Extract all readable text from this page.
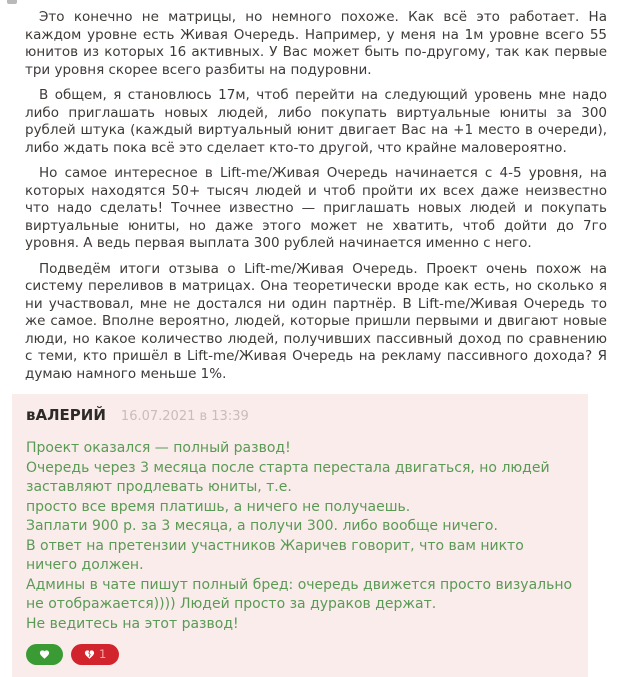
Это конечно не матрицы, но немного похоже. Как всё это работает. На каждом уровне есть Живая Очередь. Например, у меня на 1м уровне всего 55 юнитов из которых 16 активных. У Вас может быть по-другому, так как первые три уровня скорее всего разбиты на подуровни.

В общем, я становлюсь 17м, чтоб перейти на следующий уровень мне надо либо приглашать новых людей, либо покупать виртуальные юниты за 300 рублей штука (каждый виртуальный юнит двигает Вас на +1 место в очереди), либо ждать пока всё это сделает кто-то другой, что крайне маловероятно.

Но самое интересное в Lift-me/Живая Очередь начинается с 4-5 уровня, на которых находятся 50+ тысяч людей и чтоб пройти их всех даже неизвестно что надо сделать! Точнее известно — приглашать новых людей и покупать виртуальные юниты, но даже этого может не хватить, чтоб дойти до 7го уровня. А ведь первая выплата 300 рублей начинается именно с него.

Подведём итоги отзыва о Lift-me/Живая Очередь. Проект очень похож на систему переливов в матрицах. Она теоретически вроде как есть, но сколько я ни участвовал, мне не достался ни один партнёр. В Lift-me/Живая Очередь то же самое. Вполне вероятно, людей, которые пришли первыми и двигают новые люди, но какое количество людей, получивших пассивный доход по сравнению с теми, кто пришёл в Lift-me/Живая Очередь на рекламу пассивного дохода? Я думаю намного меньше 1%.

вАЛЕРИЙ 16.07.2021 в 13:39

Проект оказался — полный развод!

Очередь через 3 месяца после старта перестала двигаться, но людей заставляют продлевать юниты, т.е.

просто все время платишь, а ничего не получаешь.

Заплати 900 р. за 3 месяца, а получи 300. либо вообще ничего.

В ответ на претензии участников Жаричев говорит, что вам никто ничего должен.

Админы в чате пишут полный бред: очередь движется просто визуально не отображается)))) Людей просто за дураков держат.

Не ведитесь на этот развод!

1
